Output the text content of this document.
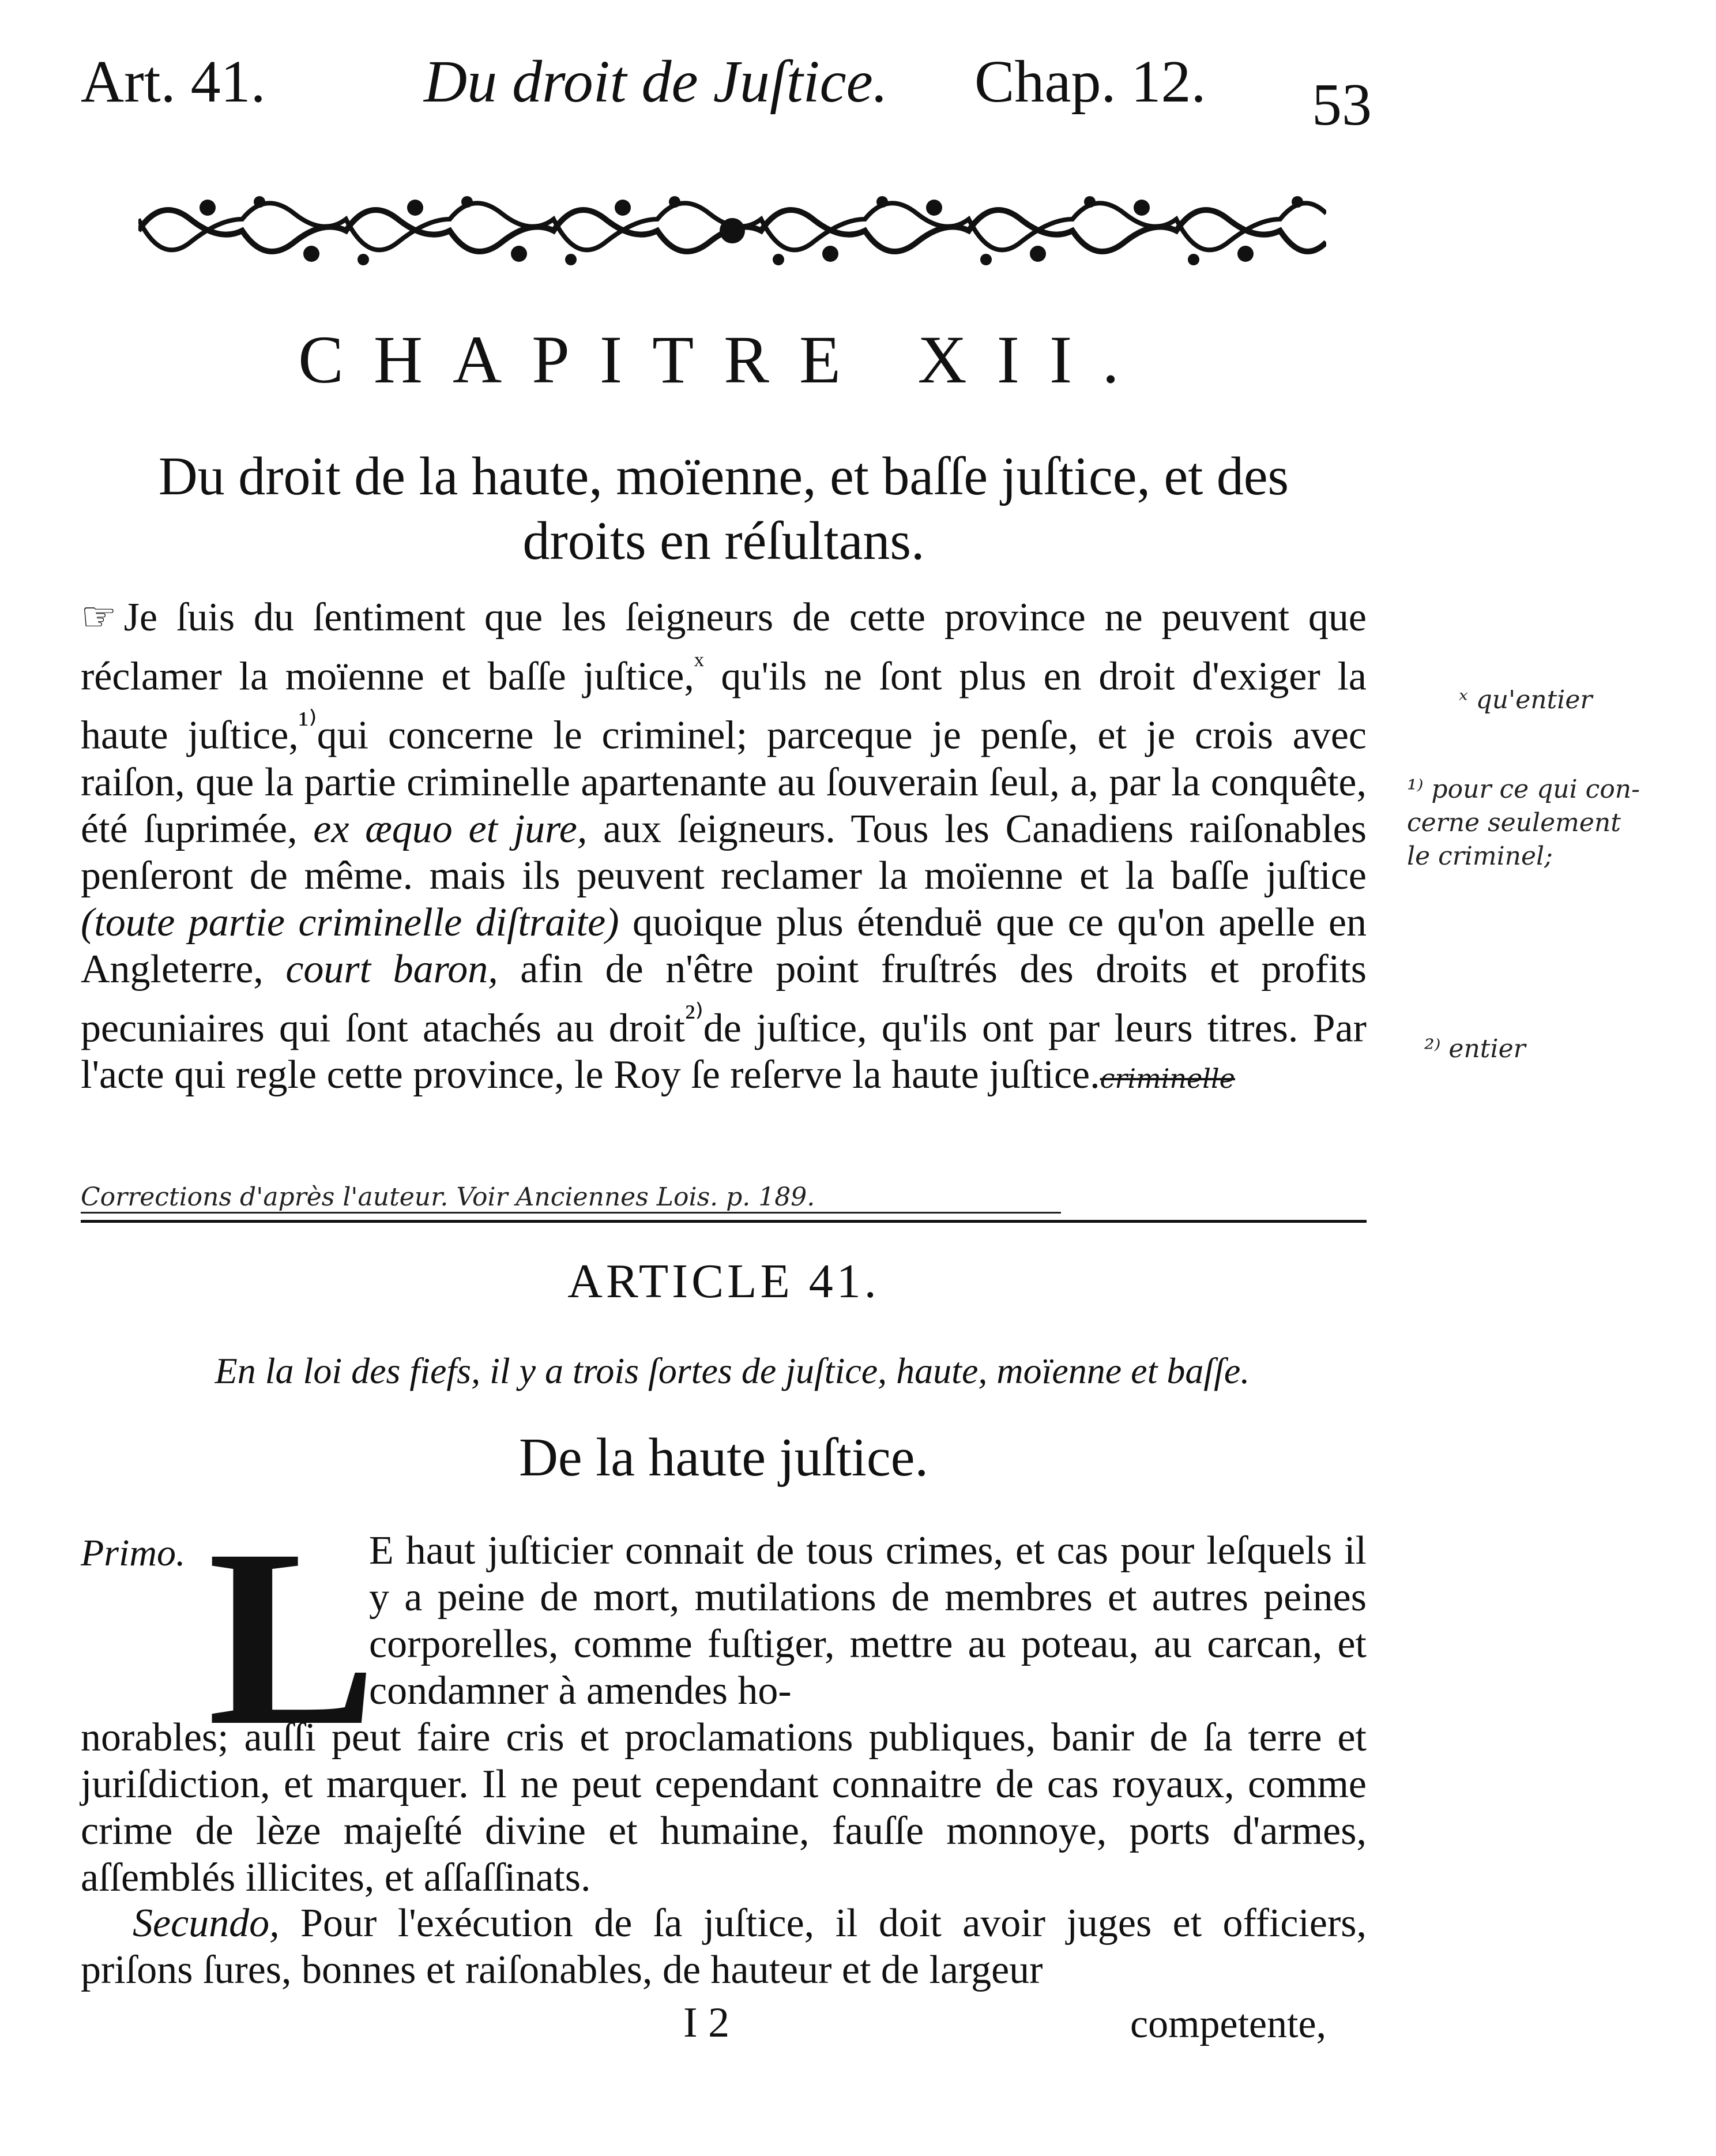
Art. 41.	Du droit de Juſtice. Chap. 12. 53
CHAPITRE XII.
Du droit de la haute, moïenne, et baſſe juſtice, et des
droits en réſultans.
☞ Je ſuis du ſentiment que les ſeigneurs de cette province ne peuvent que réclamer la moïenne et baſſe juſtice,$^ˣ$ qu'ils ne ſont plus en droit d'exiger la haute juſtice,$^{^{1)}}$qui concerne le criminel; parceque je penſe, et je crois avec raiſon, que la partie criminelle apartenante au ſouverain ſeul, a, par la conquête, été ſuprimée, ex æquo et jure, aux ſeigneurs. Tous les Canadiens raiſonables penſeront de même. mais ils peuvent reclamer la moïenne et la baſſe juſtice (toute partie criminelle diſtraite) quoique plus étenduë que ce qu'on apelle en Angleterre, court baron, afin de n'être point fruſtrés des droits et profits pecuniaires qui ſont atachés au droit$^{^{2)}}$de juſtice, qu'ils ont par leurs titres. Par l'acte qui regle cette province, le Roy ſe reſerve la haute juſtice.criminelle
Corrections d'après l'auteur. Voir Anciennes Lois. p. 189.
ˣ qu'entier
¹⁾ pour ce qui con-
cerne seulement
le criminel;
²⁾ entier
ARTICLE 41.
En la loi des fiefs, il y a trois ſortes de juſtice, haute, moïenne et baſſe.
De la haute juſtice.
Primo. L
E haut juſticier connait de tous crimes, et cas pour leſquels il y a peine de mort, mutilations de membres et autres peines corporelles, comme fuſtiger, mettre au poteau, au carcan, et condamner à amendes ho-
norables; auſſi peut faire cris et proclamations publiques, banir de ſa terre et juriſdiction, et marquer. Il ne peut cependant connaitre de cas royaux, comme crime de lèze majeſté divine et humaine, fauſſe monnoye, ports d'armes, aſſemblés illicites, et aſſaſſinats.
Secundo, Pour l'exécution de ſa juſtice, il doit avoir juges et officiers, priſons ſures, bonnes et raiſonables, de hauteur et de largeur
I 2	competente,
